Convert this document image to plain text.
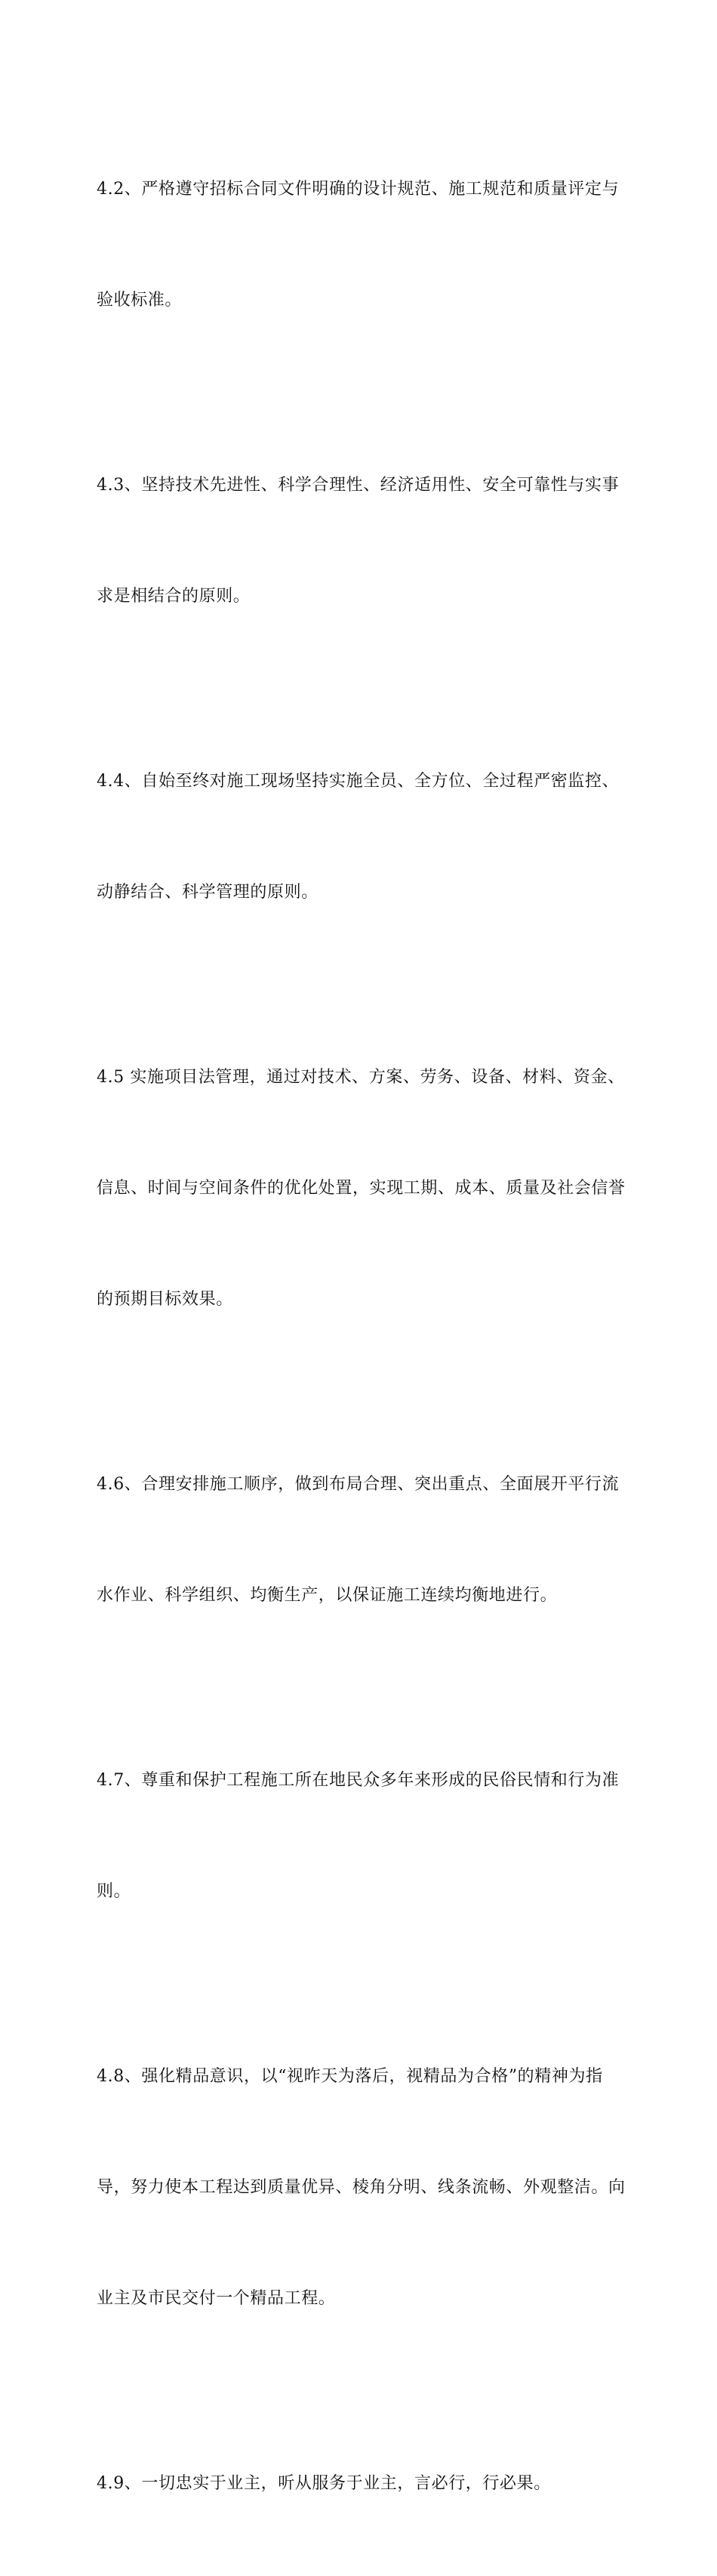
4.2、严格遵守招标合同文件明确的设计规范、施工规范和质量评定与

验收标准。

4.3、坚持技术先进性、科学合理性、经济适用性、安全可靠性与实事

求是相结合的原则。

4.4、自始至终对施工现场坚持实施全员、全方位、全过程严密监控、

动静结合、科学管理的原则。

4.5 实施项目法管理，通过对技术、方案、劳务、设备、材料、资金、

信息、时间与空间条件的优化处置，实现工期、成本、质量及社会信誉

的预期目标效果。

4.6、合理安排施工顺序，做到布局合理、突出重点、全面展开平行流

水作业、科学组织、均衡生产，以保证施工连续均衡地进行。

4.7、尊重和保护工程施工所在地民众多年来形成的民俗民情和行为准

则。

4.8、强化精品意识，以“视昨天为落后，视精品为合格”的精神为指

导，努力使本工程达到质量优异、棱角分明、线条流畅、外观整洁。向

业主及市民交付一个精品工程。

4.9、一切忠实于业主，听从服务于业主，言必行，行必果。
